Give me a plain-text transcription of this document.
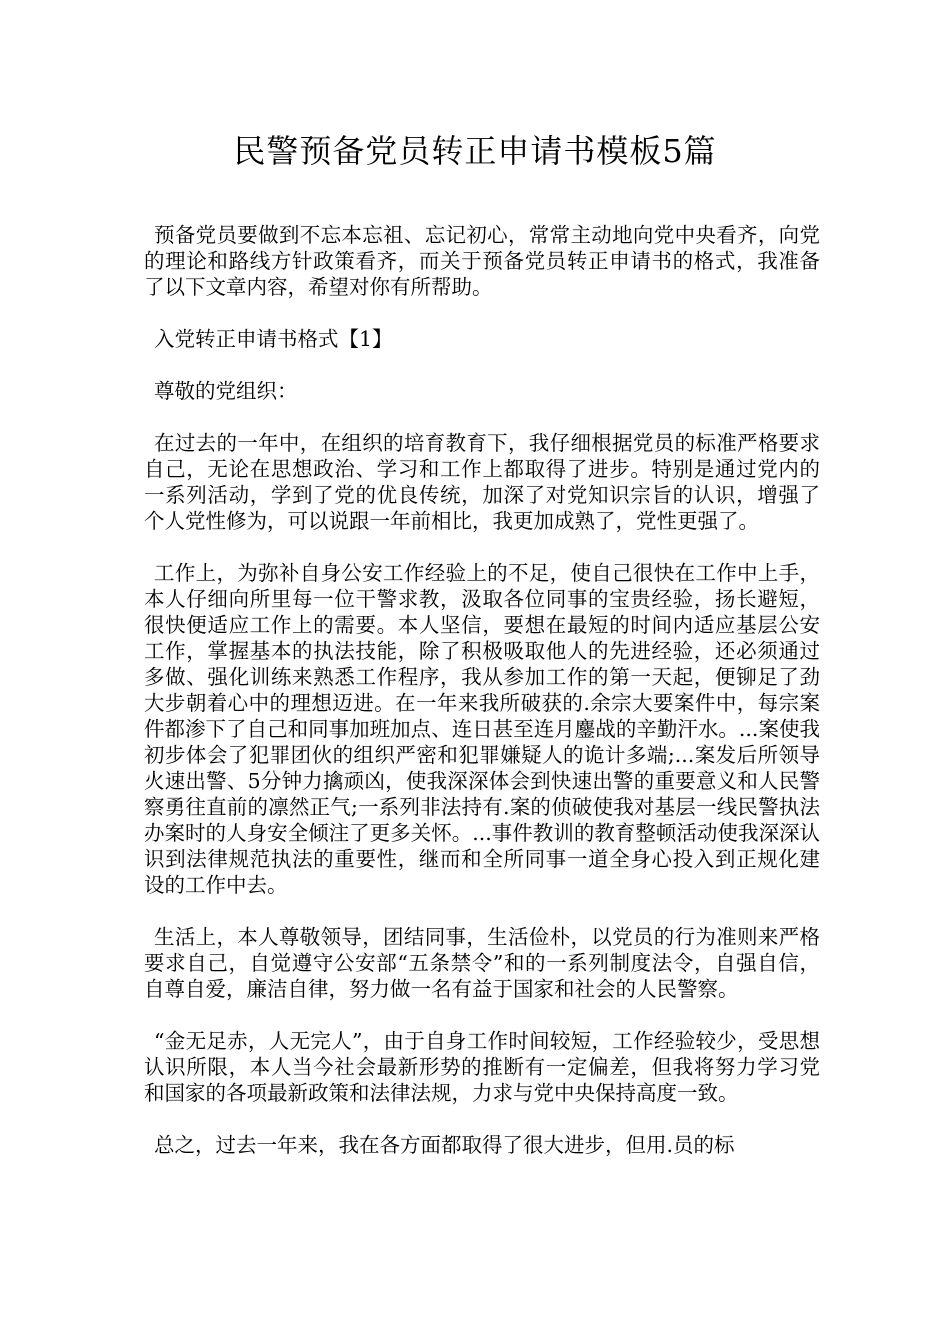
民警预备党员转正申请书模板5篇

预备党员要做到不忘本忘祖、忘记初心，常常主动地向党中央看齐，向党的理论和路线方针政策看齐，而关于预备党员转正申请书的格式，我准备了以下文章内容，希望对你有所帮助。

入党转正申请书格式【1】

尊敬的党组织：

在过去的一年中，在组织的培育教育下，我仔细根据党员的标准严格要求自己，无论在思想政治、学习和工作上都取得了进步。特别是通过党内的一系列活动，学到了党的优良传统，加深了对党知识宗旨的认识，增强了个人党性修为，可以说跟一年前相比，我更加成熟了，党性更强了。

工作上，为弥补自身公安工作经验上的不足，使自己很快在工作中上手，本人仔细向所里每一位干警求教，汲取各位同事的宝贵经验，扬长避短，很快便适应工作上的需要。本人坚信，要想在最短的时间内适应基层公安工作，掌握基本的执法技能，除了积极吸取他人的先进经验，还必须通过多做、强化训练来熟悉工作程序，我从参加工作的第一天起，便铆足了劲大步朝着心中的理想迈进。在一年来我所破获的.余宗大要案件中，每宗案件都渗下了自己和同事加班加点、连日甚至连月鏖战的辛勤汗水。...案使我初步体会了犯罪团伙的组织严密和犯罪嫌疑人的诡计多端;...案发后所领导火速出警、5分钟力擒顽凶，使我深深体会到快速出警的重要意义和人民警察勇往直前的凛然正气;一系列非法持有.案的侦破使我对基层一线民警执法办案时的人身安全倾注了更多关怀。...事件教训的教育整顿活动使我深深认识到法律规范执法的重要性，继而和全所同事一道全身心投入到正规化建设的工作中去。

生活上，本人尊敬领导，团结同事，生活俭朴，以党员的行为准则来严格要求自己，自觉遵守公安部“五条禁令”和的一系列制度法令，自强自信，自尊自爱，廉洁自律，努力做一名有益于国家和社会的人民警察。

“金无足赤，人无完人”，由于自身工作时间较短，工作经验较少，受思想认识所限，本人当今社会最新形势的推断有一定偏差，但我将努力学习党和国家的各项最新政策和法律法规，力求与党中央保持高度一致。

总之，过去一年来，我在各方面都取得了很大进步，但用.员的标
